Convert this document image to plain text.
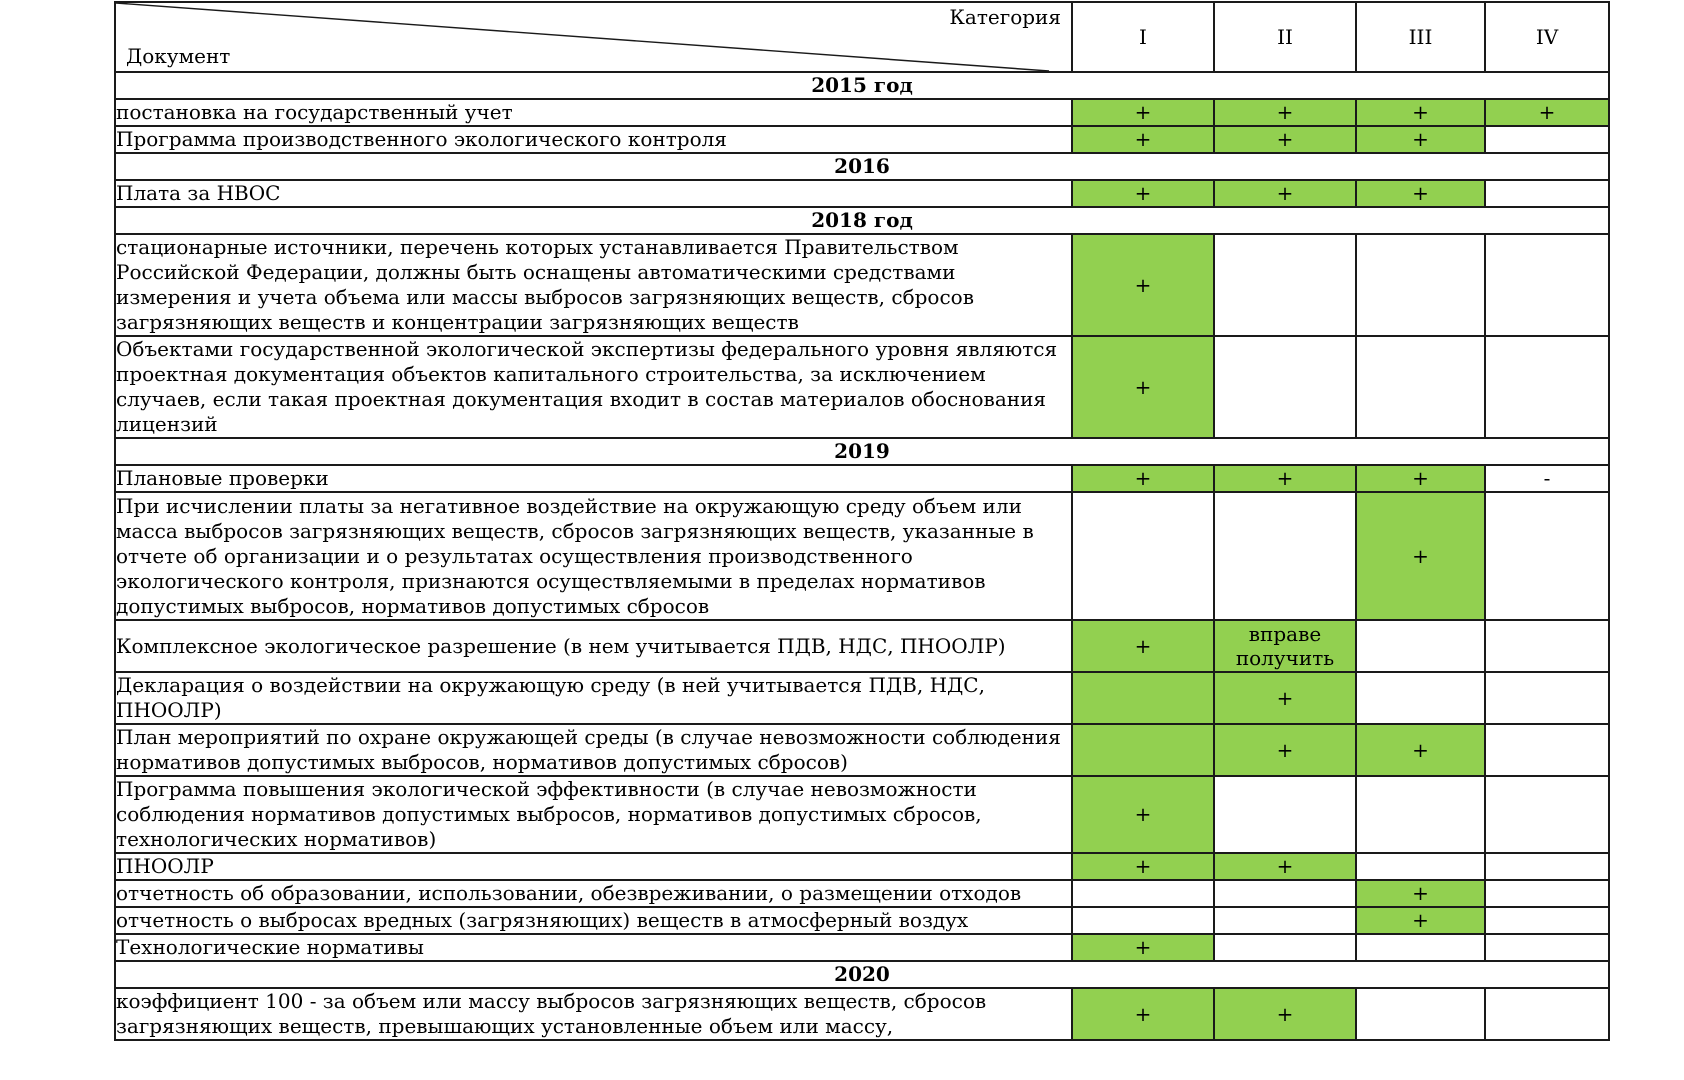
Категория
Документ	I	II	III	IV
2015 год				
постановка на государственный учет	+	+	+	+
Программа производственного экологического контроля	+	+	+	
2016				
Плата за НВОС	+	+	+	
2018 год				
стационарные источники, перечень которых устанавливается Правительством Российской Федерации, должны быть оснащены автоматическими средствами измерения и учета объема или массы выбросов загрязняющих веществ, сбросов загрязняющих веществ и концентрации загрязняющих веществ	+			
Объектами государственной экологической экспертизы федерального уровня являются проектная документация объектов капитального строительства, за исключением случаев, если такая проектная документация входит в состав материалов обоснования лицензий	+			
2019				
Плановые проверки	+	+	+	-
При исчислении платы за негативное воздействие на окружающую среду объем или масса выбросов загрязняющих веществ, сбросов загрязняющих веществ, указанные в отчете об организации и о результатах осуществления производственного экологического контроля, признаются осуществляемыми в пределах нормативов допустимых выбросов, нормативов допустимых сбросов			+	
Комплексное экологическое разрешение (в нем учитывается ПДВ, НДС, ПНООЛР)	+	вправе получить		
Декларация о воздействии на окружающую среду (в ней учитывается ПДВ, НДС, ПНООЛР)		+		
План мероприятий по охране окружающей среды (в случае невозможности соблюдения нормативов допустимых выбросов, нормативов допустимых сбросов)		+	+	
Программа повышения экологической эффективности (в случае невозможности соблюдения нормативов допустимых выбросов, нормативов допустимых сбросов, технологических нормативов)	+			
ПНООЛР	+	+		
отчетность об образовании, использовании, обезвреживании, о размещении отходов			+	
отчетность о выбросах вредных (загрязняющих) веществ в атмосферный воздух			+	
Технологические нормативы	+			
2020				
коэффициент 100 - за объем или массу выбросов загрязняющих веществ, сбросов загрязняющих веществ, превышающих установленные объем или массу,	+	+		
